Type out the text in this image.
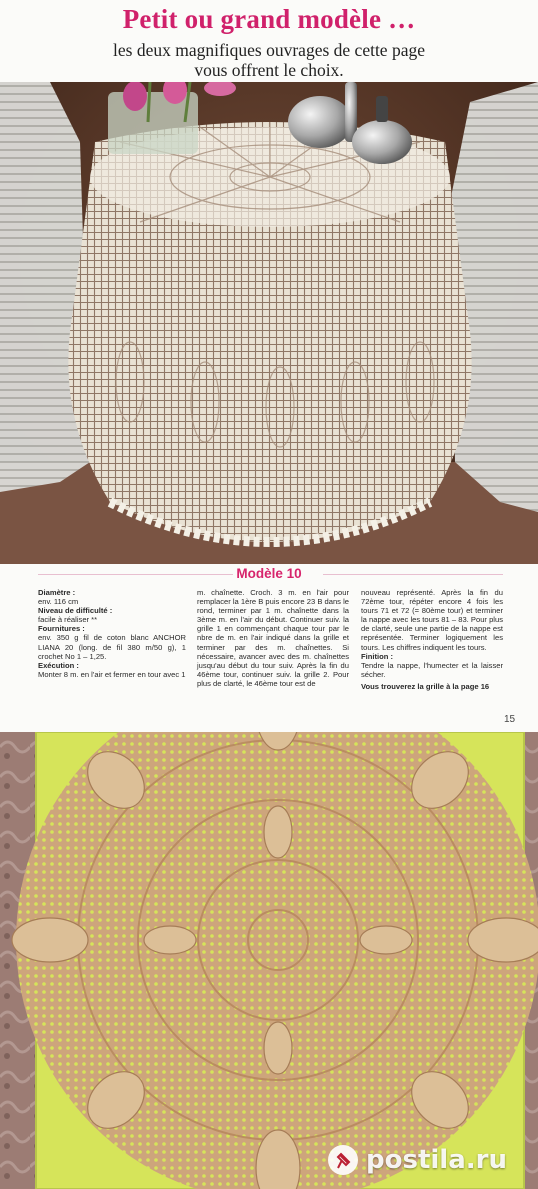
Petit ou grand modèle …
les deux magnifiques ouvrages de cette page
vous offrent le choix.
Modèle 10

Diamètre :

env. 116 cm

Niveau de difficulté :

facile à réaliser **

Fournitures :

env. 350 g fil de coton blanc ANCHOR LIANA 20 (long. de fil 380 m/50 g), 1 crochet No 1 – 1,25.

Exécution :

Monter 8 m. en l'air et fermer en tour avec 1

m. chaînette. Croch. 3 m. en l'air pour remplacer la 1ère B puis encore 23 B dans le rond, terminer par 1 m. chaînette dans la 3ème m. en l'air du début. Continuer suiv. la grille 1 en commençant chaque tour par le nbre de m. en l'air indiqué dans la grille et terminer par des m. chaînettes. Si nécessaire, avancer avec des m. chaînettes jusqu'au début du tour suiv. Après la fin du 46ème tour, continuer suiv. la grille 2. Pour plus de clarté, le 46ème tour est de

nouveau représenté. Après la fin du 72ème tour, répéter encore 4 fois les tours 71 et 72 (= 80ème tour) et terminer la nappe avec les tours 81 – 83. Pour plus de clarté, seule une partie de la nappe est représentée. Terminer logiquement les tours. Les chiffres indiquent les tours.

Finition :

Tendre la nappe, l'humecter et la laisser sécher.

Vous trouverez la grille à la page 16

15
postila.ru
